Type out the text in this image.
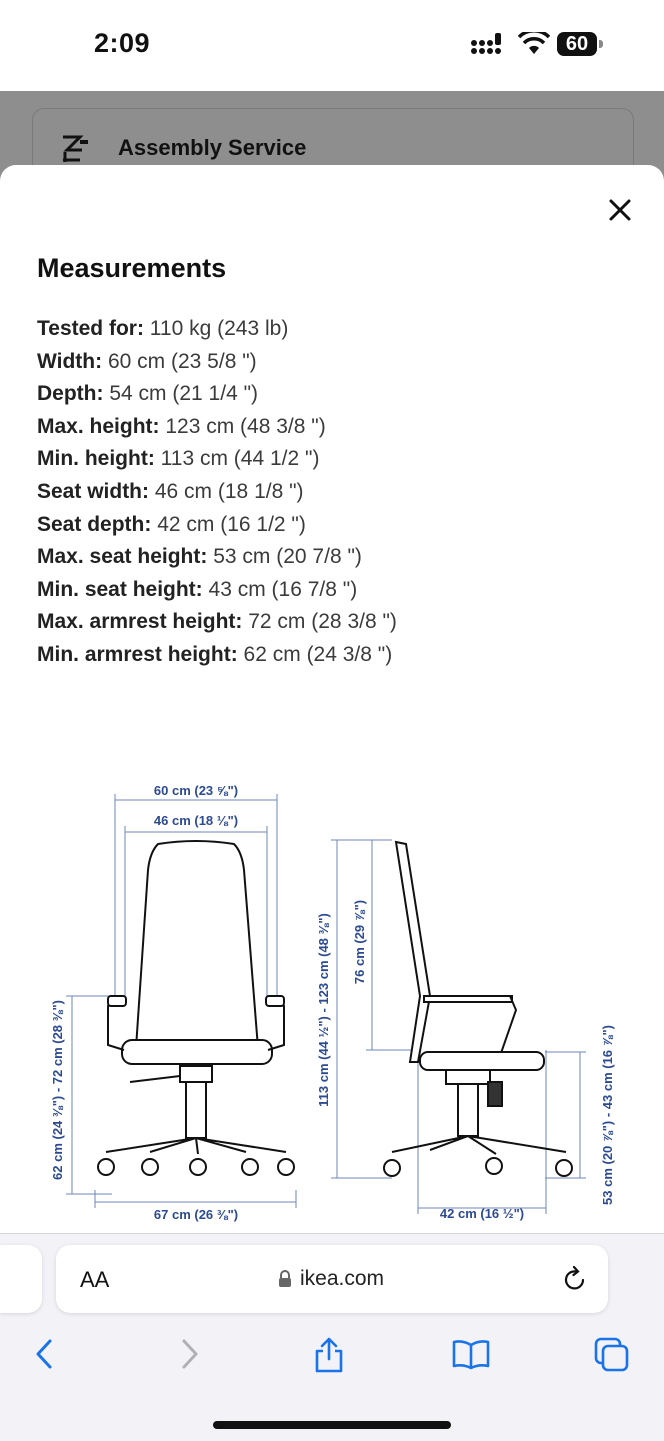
2:09	60
Assembly Service
Measurements
Tested for: 110 kg (243 lb)
Width: 60 cm (23 5/8 ")
Depth: 54 cm (21 1/4 ")
Max. height: 123 cm (48 3/8 ")
Min. height: 113 cm (44 1/2 ")
Seat width: 46 cm (18 1/8 ")
Seat depth: 42 cm (16 1/2 ")
Max. seat height: 53 cm (20 7/8 ")
Min. seat height: 43 cm (16 7/8 ")
Max. armrest height: 72 cm (28 3/8 ")
Min. armrest height: 62 cm (24 3/8 ")
60 cm (23 ⅝")
46 cm (18 ⅛")
67 cm (26 ⅜")
62 cm (24 ⅜") - 72 cm (28 ⅜")	113 cm (44 ½") - 123 cm (48 ⅜") 76 cm (29 ⅞")
42 cm (16 ½")
53 cm (20 ⅞") - 43 cm (16 ⅞")
AA	ikea.com
